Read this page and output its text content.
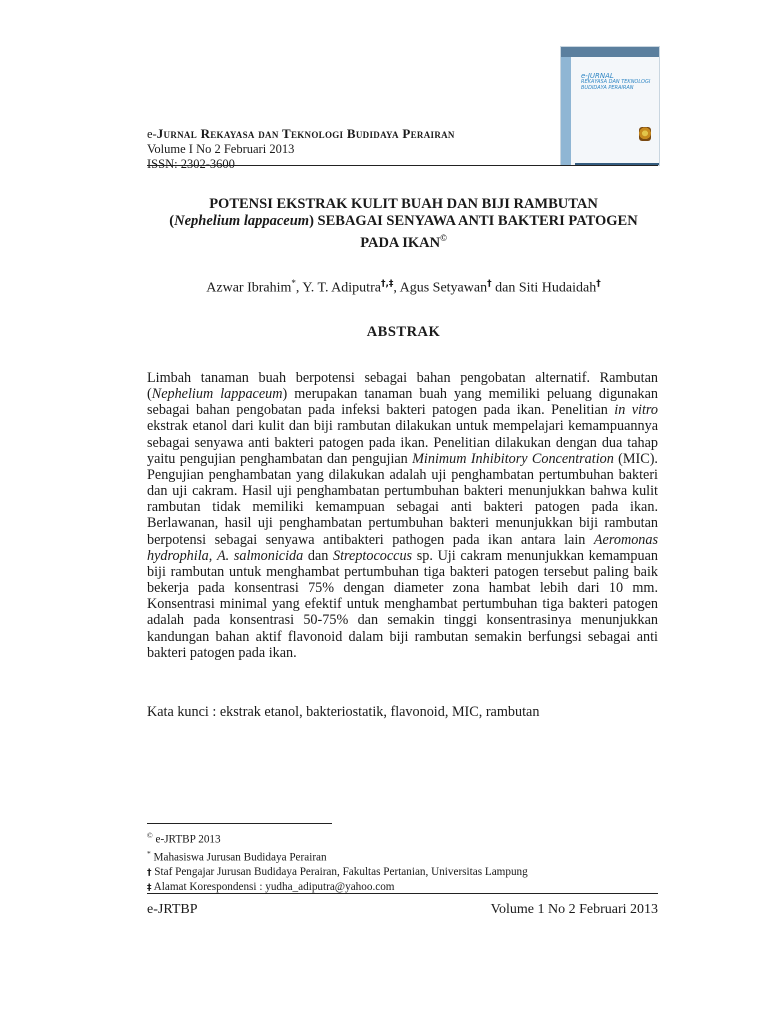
e-JURNAL
REKAYASA DAN TEKNOLOGI BUDIDAYA PERAIRAN
e-Jurnal Rekayasa dan Teknologi Budidaya Perairan
Volume I No 2 Februari 2013
ISSN: 2302-3600
POTENSI EKSTRAK KULIT BUAH DAN BIJI RAMBUTAN
(Nephelium lappaceum) SEBAGAI SENYAWA ANTI BAKTERI PATOGEN
PADA IKAN©
Azwar Ibrahim*, Y. T. Adiputra†,‡, Agus Setyawan† dan Siti Hudaidah†
ABSTRAK

Limbah tanaman buah berpotensi sebagai bahan pengobatan alternatif. Rambutan (Nephelium lappaceum) merupakan tanaman buah yang memiliki peluang digunakan sebagai bahan pengobatan pada infeksi bakteri patogen pada ikan. Penelitian in vitro ekstrak etanol dari kulit dan biji rambutan dilakukan untuk mempelajari kemampuannya sebagai senyawa anti bakteri patogen pada ikan. Penelitian dilakukan dengan dua tahap yaitu pengujian penghambatan dan pengujian Minimum Inhibitory Concentration (MIC). Pengujian penghambatan yang dilakukan adalah uji penghambatan pertumbuhan bakteri dan uji cakram. Hasil uji penghambatan pertumbuhan bakteri menunjukkan bahwa kulit rambutan tidak memiliki kemampuan sebagai anti bakteri patogen pada ikan. Berlawanan, hasil uji penghambatan pertumbuhan bakteri menunjukkan biji rambutan berpotensi sebagai senyawa antibakteri pathogen pada ikan antara lain Aeromonas hydrophila, A. salmonicida dan Streptococcus sp. Uji cakram menunjukkan kemampuan biji rambutan untuk menghambat pertumbuhan tiga bakteri patogen tersebut paling baik bekerja pada konsentrasi 75% dengan diameter zona hambat lebih dari 10 mm. Konsentrasi minimal yang efektif untuk menghambat pertumbuhan tiga bakteri patogen adalah pada konsentrasi 50-75% dan semakin tinggi konsentrasinya menunjukkan kandungan bahan aktif flavonoid dalam biji rambutan semakin berfungsi sebagai anti bakteri patogen pada ikan.

Kata kunci : ekstrak etanol, bakteriostatik, flavonoid, MIC, rambutan
© e-JRTBP 2013
* Mahasiswa Jurusan Budidaya Perairan
† Staf Pengajar Jurusan Budidaya Perairan, Fakultas Pertanian, Universitas Lampung
‡ Alamat Korespondensi : yudha_adiputra@yahoo.com
e-JRTBP	Volume 1 No 2 Februari 2013
